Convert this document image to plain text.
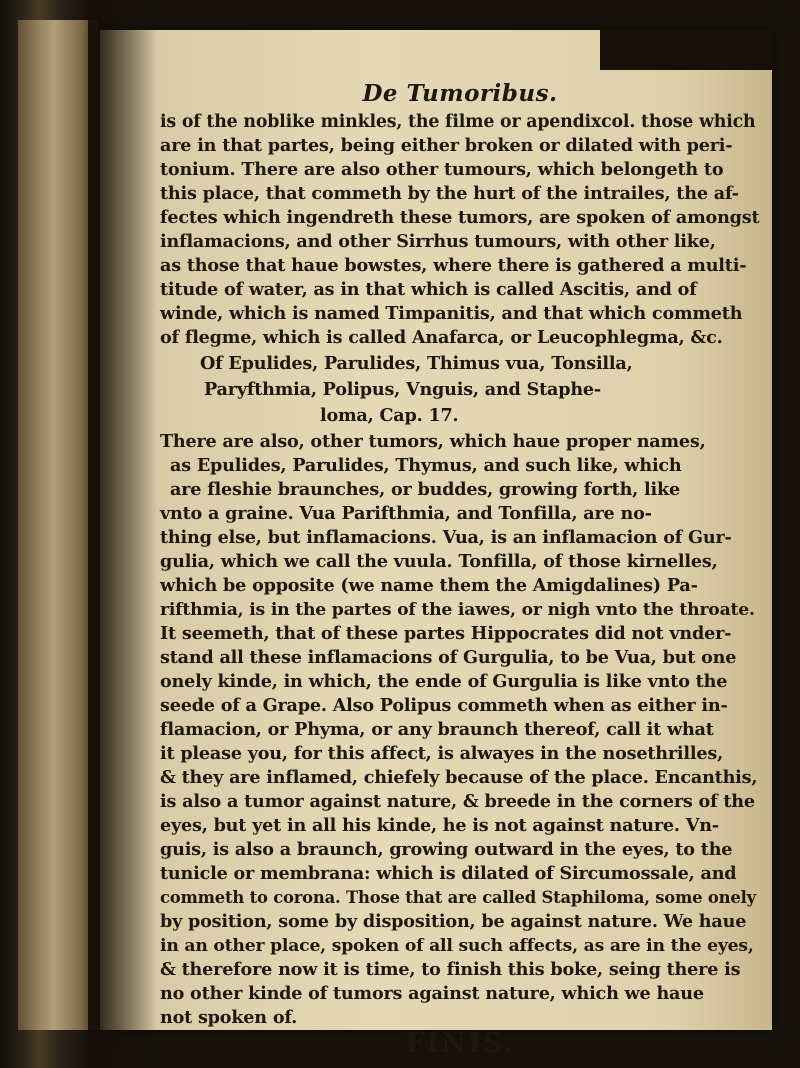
De Tumoribus.
is of the noblike minkles, the filme or apendixcol. those which
are in that partes, being either broken or dilated with peri-
tonium. There are also other tumours, which belongeth to
this place, that commeth by the hurt of the intrailes, the af-
fectes which ingendreth these tumors, are spoken of amongst
inflamacions, and other Sirrhus tumours, with other like,
as those that haue bowstes, where there is gathered a multi-
titude of water, as in that which is called Ascitis, and of
winde, which is named Timpanitis, and that which commeth
of flegme, which is called Anafarca, or Leucophlegma, &c.
Of Epulides, Parulides, Thimus vua, Tonsilla,
Paryfthmia, Polipus, Vnguis, and Staphe-
loma, Cap. 17.
There are also, other tumors, which haue proper names,
as Epulides, Parulides, Thymus, and such like, which
are fleshie braunches, or buddes, growing forth, like
vnto a graine. Vua Parifthmia, and Tonfilla, are no-
thing else, but inflamacions. Vua, is an inflamacion of Gur-
gulia, which we call the vuula. Tonfilla, of those kirnelles,
which be opposite (we name them the Amigdalines) Pa-
rifthmia, is in the partes of the iawes, or nigh vnto the throate.
It seemeth, that of these partes Hippocrates did not vnder-
stand all these inflamacions of Gurgulia, to be Vua, but one
onely kinde, in which, the ende of Gurgulia is like vnto the
seede of a Grape. Also Polipus commeth when as either in-
flamacion, or Phyma, or any braunch thereof, call it what
it please you, for this affect, is alwayes in the nosethrilles,
& they are inflamed, chiefely because of the place. Encanthis,
is also a tumor against nature, & breede in the corners of the
eyes, but yet in all his kinde, he is not against nature. Vn-
guis, is also a braunch, growing outward in the eyes, to the
tunicle or membrana: which is dilated of Sircumossale, and
commeth to corona. Those that are called Staphiloma, some onely
by position, some by disposition, be against nature. We haue
in an other place, spoken of all such affects, as are in the eyes,
& therefore now it is time, to finish this boke, seing there is
no other kinde of tumors against nature, which we haue
not spoken of.
FINIS.
